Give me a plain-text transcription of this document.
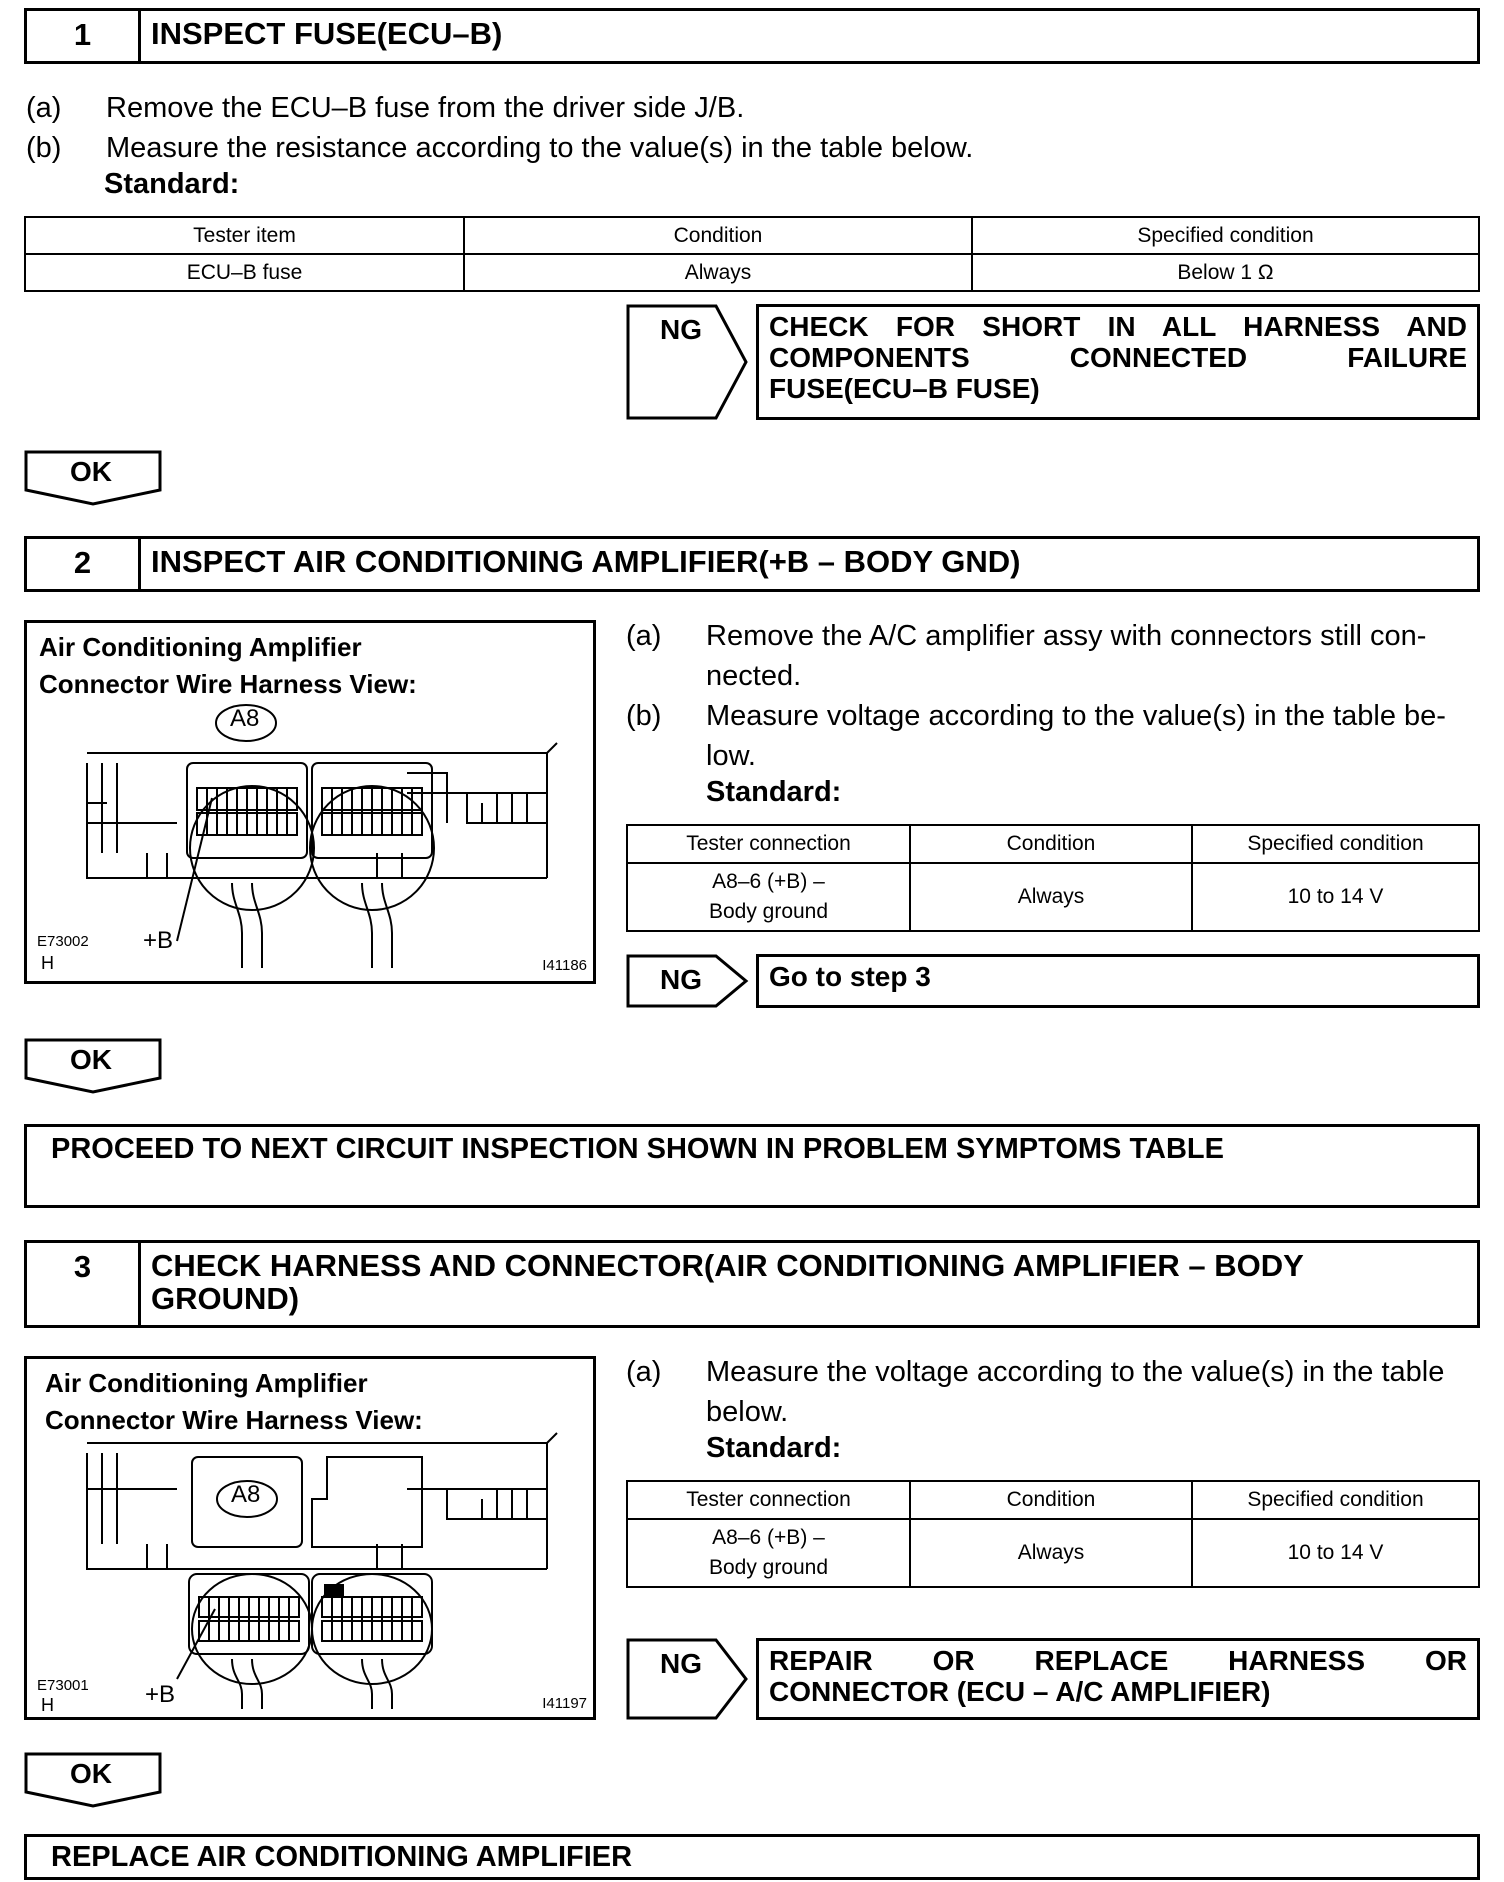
1	INSPECT FUSE(ECU–B)
(a) Remove the ECU–B fuse from the driver side J/B.
(b) Measure the resistance according to the value(s) in the table below.
Standard:
Tester item	Condition	Specified condition
ECU–B fuse	Always	Below 1 Ω
NG CHECK FOR SHORT IN ALL HARNESS AND
COMPONENTS CONNECTED FAILURE
FUSE(ECU–B FUSE)
OK
2	INSPECT AIR CONDITIONING AMPLIFIER(+B – BODY GND)
Air Conditioning Amplifier
Connector Wire Harness View:
A8
+B
E73002
H	I41186
(a) Remove the A/C amplifier assy with connectors still con-
nected.
(b) Measure voltage according to the value(s) in the table be-
low.
Standard:
Tester connection	Condition	Specified condition

A8–6 (+B) –
Body ground	Always	10 to 14 V
NG	Go to step 3
OK
PROCEED TO NEXT CIRCUIT INSPECTION SHOWN IN PROBLEM SYMPTOMS TABLE
3	CHECK HARNESS AND CONNECTOR(AIR CONDITIONING AMPLIFIER – BODY
GROUND)
Air Conditioning Amplifier
Connector Wire Harness View:
A8
+B
E73001
H	I41197
(a) Measure the voltage according to the value(s) in the table
below.
Standard:
Tester connection	Condition	Specified condition

A8–6 (+B) –
Body ground	Always	10 to 14 V
NG REPAIR OR REPLACE HARNESS OR
CONNECTOR (ECU – A/C AMPLIFIER)
OK
REPLACE AIR CONDITIONING AMPLIFIER
